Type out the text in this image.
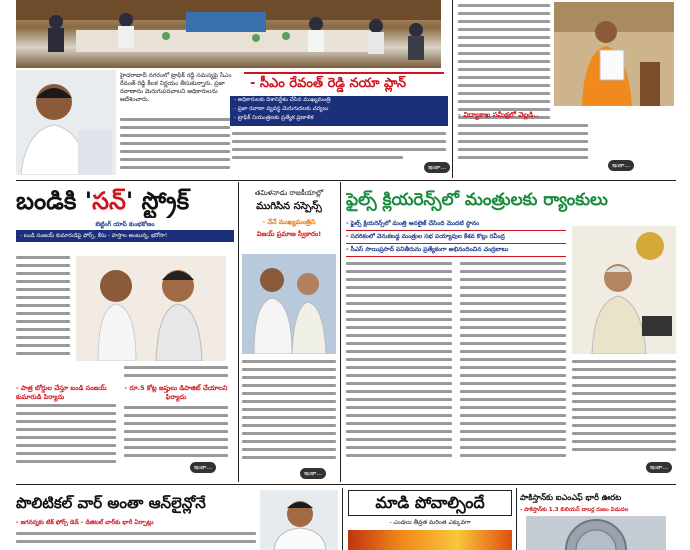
హైదరాబాద్ నగరంలో ట్రాఫిక్ రద్దీ సమస్యపై సీఎం రేవంత్ రెడ్డి కీలక నిర్ణయం తీసుకున్నారు. ప్రజా రవాణాను మెరుగుపరచాలని అధికారులను ఆదేశించారు.
- సీఎం రేవంత్ రెడ్డి నయా ప్లాన్
- అధికారులకు దిశానిర్దేశం చేసిన ముఖ్యమంత్రి
- ప్రజా రవాణా వ్యవస్థ మెరుగుదలకు చర్యలు
- ట్రాఫిక్ నియంత్రణకు ప్రత్యేక ప్రణాళిక
ఇంకా...
- విద్యాశాఖ సమీక్షలో వెల్లడి..
ఇంకా...
బండికి 'సన్' స్ట్రోక్
బెట్టింగ్ యాప్ కుంభకోణం
- బండి సంజయ్ కుమారుడిపై ఫోర్స్, కేసు - హస్తాల అంటున్న, భరోసా!
- పాత్ర బోర్డుల చేస్తూ బండి సంజయ్ కుమారుడి పిర్యాదు
- రూ.5 కోట్ల జప్తులు డిపాజిట్ చేయాలని ఫిర్యాదు
ఇంకా...
తమిళనాడు రాజకీయాల్లో
ముగిసిన సస్పెన్స్
- నేనే ముఖ్యమంత్రిని
విజయ్ ప్రమాణ స్వీకారం!
ఇంకా...
ఫైల్స్ క్లియరెన్స్‌లో మంత్రులకు ర్యాంకులు
- ఫైల్స్ క్లియరెన్స్‌లో మంత్రి ఆనలైజ్ చేసింది మొదటి స్థానం
- సదరికంలో వెనుకబడ్డ మంత్రుల సభ పయ్యావుల కేశవ కొల్లు రవీంద్ర
- సీఎస్ సాయిప్రసాద్ పనితీరును ప్రత్యేకంగా అభినందించిన చంద్రబాబు
ఇంకా...
పొలిటికల్ వార్ అంతా ఆన్‌లైన్లోనే
- జగనన్నకు టిక్ ఫోర్స్ డెడ్ - డిజిటల్ వార్‌కు భారీ ఏర్పాట్లు
మాడి పోవాల్సిందే
- ఎండలు తీవ్రత మరింత ఎక్కువగా
పాకిస్తాన్‌కు ఐఎంఎఫ్ భారీ ఊరట
- పాకిస్తాన్‌కు 1.3 బిలియన్ డాలర్ల రుణం విడుదల
